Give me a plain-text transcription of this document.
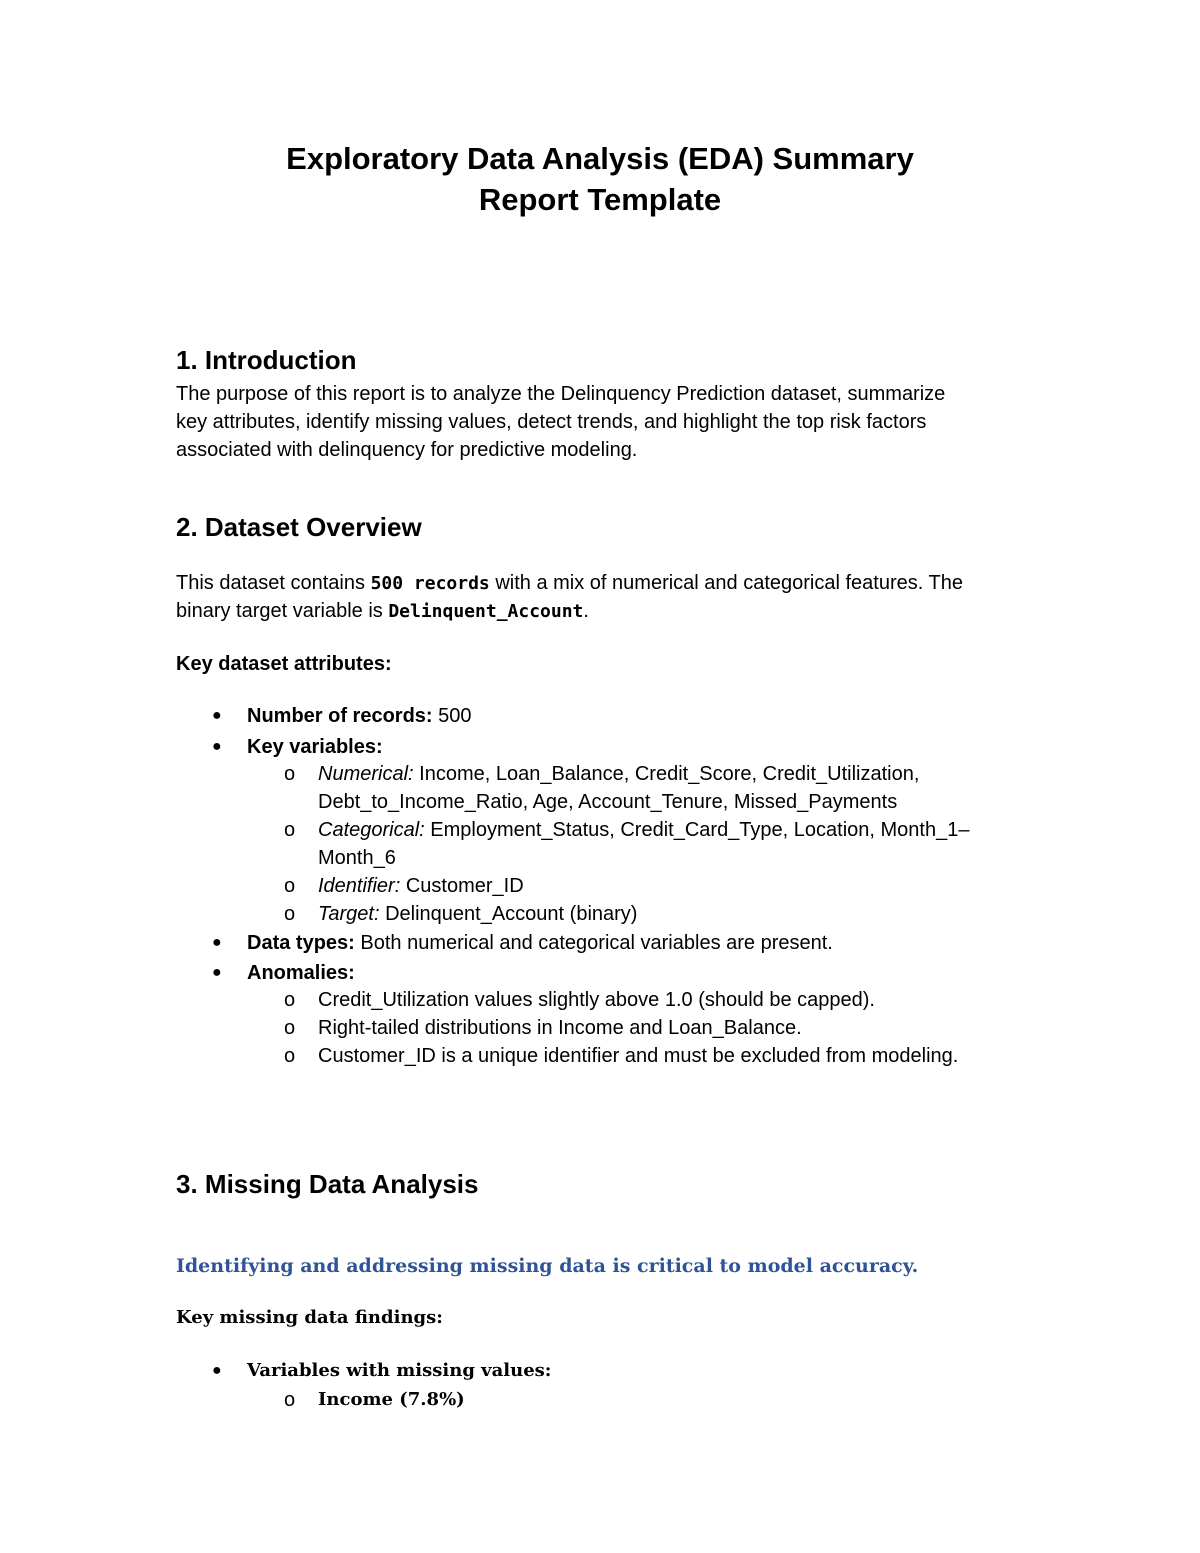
Exploratory Data Analysis (EDA) Summary
Report Template
1. Introduction
The purpose of this report is to analyze the Delinquency Prediction dataset, summarize
key attributes, identify missing values, detect trends, and highlight the top risk factors
associated with delinquency for predictive modeling.
2. Dataset Overview
This dataset contains 500 records with a mix of numerical and categorical features. The
binary target variable is Delinquent_Account.
Key dataset attributes:
● Number of records: 500
● Key variables:
o Numerical: Income, Loan_Balance, Credit_Score, Credit_Utilization,
Debt_to_Income_Ratio, Age, Account_Tenure, Missed_Payments
o Categorical: Employment_Status, Credit_Card_Type, Location, Month_1–
Month_6
o Identifier: Customer_ID
o Target: Delinquent_Account (binary)
● Data types: Both numerical and categorical variables are present.
● Anomalies:
o Credit_Utilization values slightly above 1.0 (should be capped).
o Right-tailed distributions in Income and Loan_Balance.
o Customer_ID is a unique identifier and must be excluded from modeling.
3. Missing Data Analysis
Identifying and addressing missing data is critical to model accuracy.
Key missing data findings:
● Variables with missing values:
o Income (7.8%)
